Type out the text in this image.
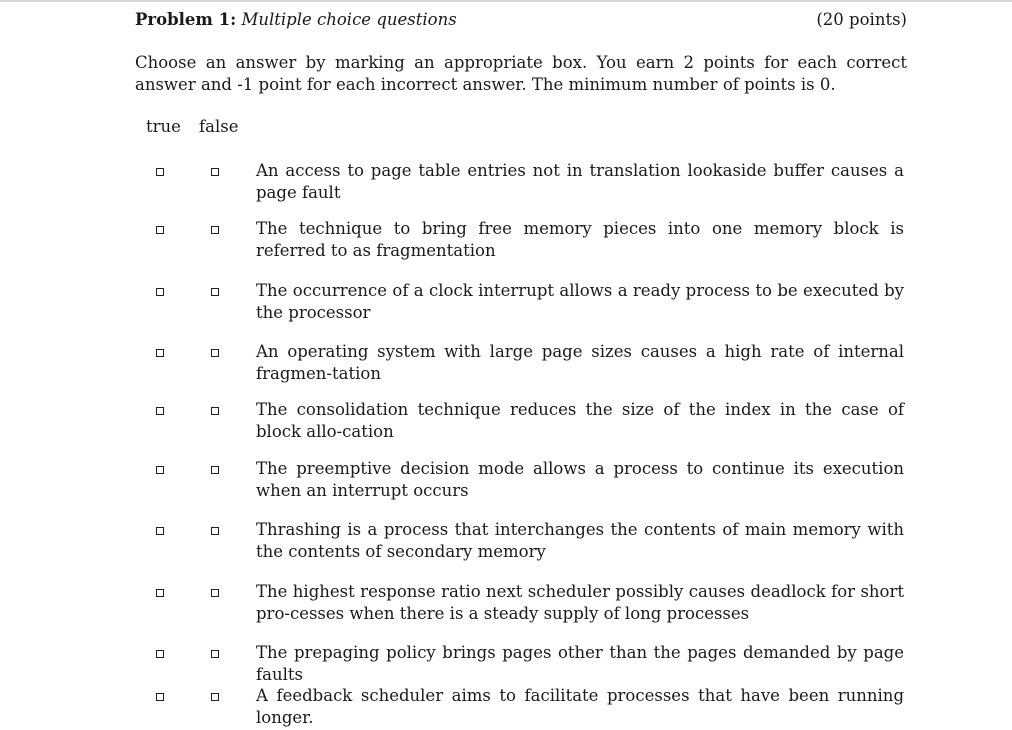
Problem 1: Multiple choice questions	(20 points)
Choose an answer by marking an appropriate box. You earn 2 points for each correct answer and -1 point for each incorrect answer. The minimum number of points is 0.
true false
An access to page table entries not in translation lookaside buffer causes a page fault
The technique to bring free memory pieces into one memory block is referred to as fragmentation
The occurrence of a clock interrupt allows a ready process to be executed by the processor
An operating system with large page sizes causes a high rate of internal fragmen-tation
The consolidation technique reduces the size of the index in the case of block allo-cation
The preemptive decision mode allows a process to continue its execution when an interrupt occurs
Thrashing is a process that interchanges the contents of main memory with the contents of secondary memory
The highest response ratio next scheduler possibly causes deadlock for short pro-cesses when there is a steady supply of long processes
The prepaging policy brings pages other than the pages demanded by page faults
A feedback scheduler aims to facilitate processes that have been running longer.
